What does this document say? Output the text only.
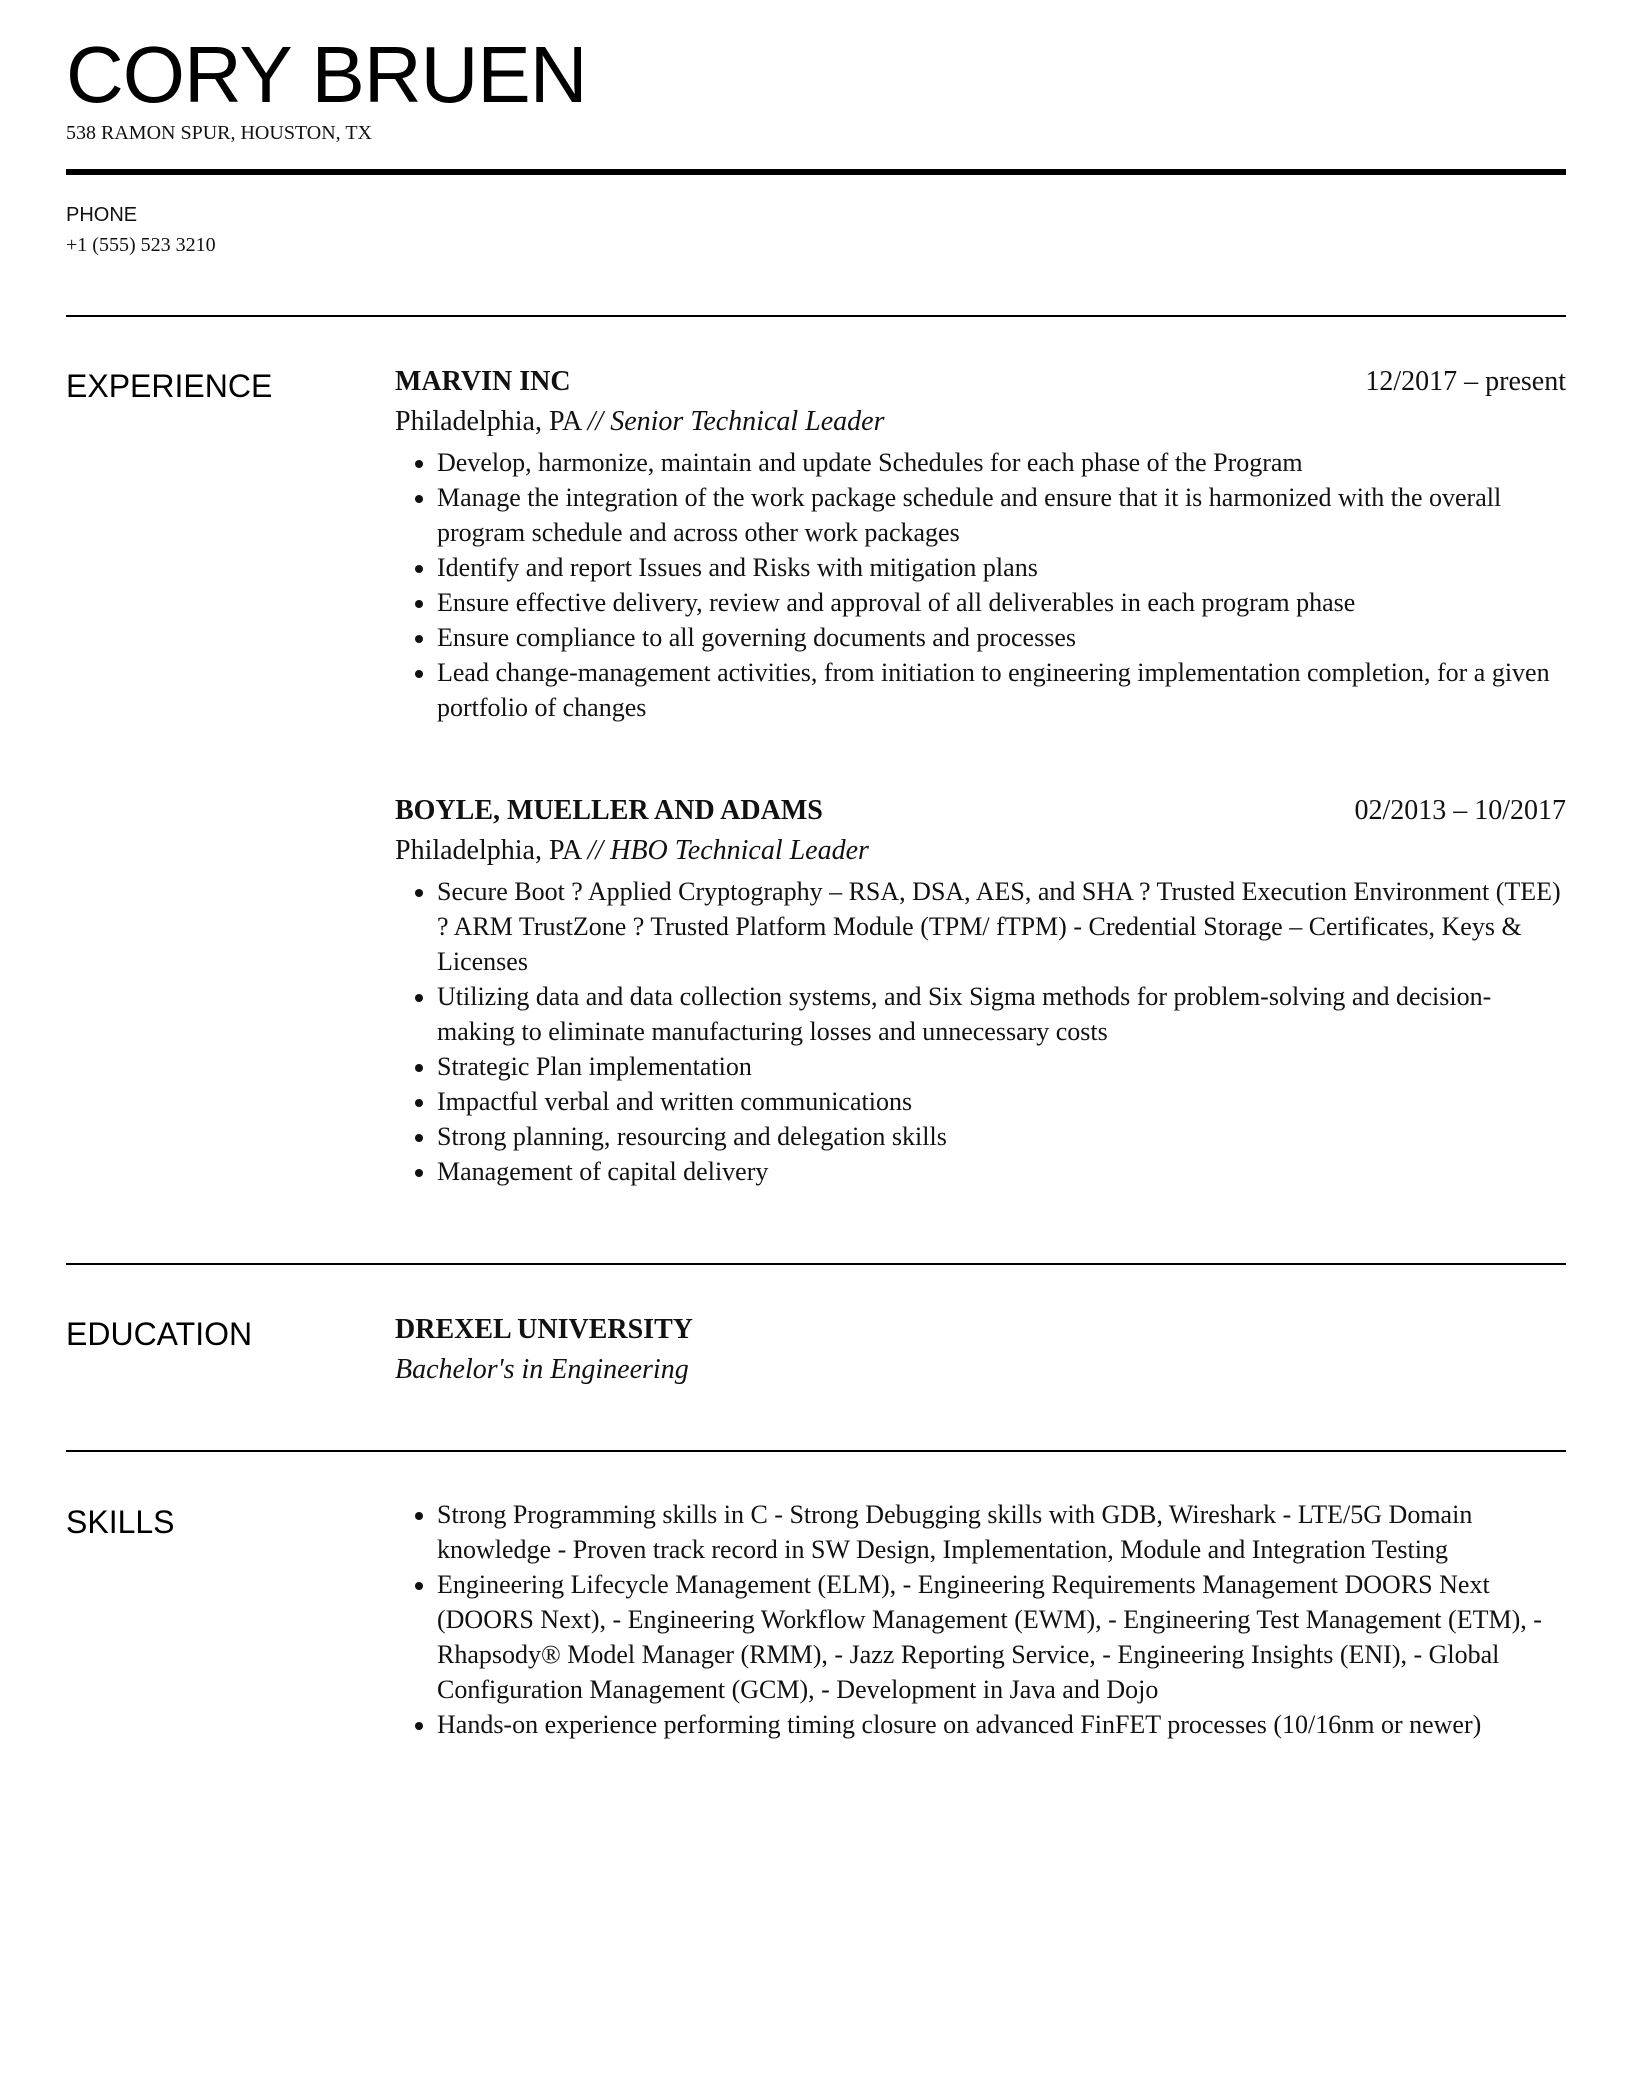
CORY BRUEN
538 RAMON SPUR, HOUSTON, TX
PHONE
+1 (555) 523 3210
EXPERIENCE	MARVIN INC	12/2017 – present
Philadelphia, PA // Senior Technical Leader
• Develop, harmonize, maintain and update Schedules for each phase of the Program
• Manage the integration of the work package schedule and ensure that it is harmonized with the overall program schedule and across other work packages
• Identify and report Issues and Risks with mitigation plans
• Ensure effective delivery, review and approval of all deliverables in each program phase
• Ensure compliance to all governing documents and processes
• Lead change-management activities, from initiation to engineering implementation completion, for a given portfolio of changes
BOYLE, MUELLER AND ADAMS	02/2013 – 10/2017
Philadelphia, PA // HBO Technical Leader
• Secure Boot ? Applied Cryptography – RSA, DSA, AES, and SHA ? Trusted Execution Environment (TEE) ? ARM TrustZone ? Trusted Platform Module (TPM/ fTPM) - Credential Storage – Certificates, Keys & Licenses
• Utilizing data and data collection systems, and Six Sigma methods for problem-solving and decision-making to eliminate manufacturing losses and unnecessary costs
• Strategic Plan implementation
• Impactful verbal and written communications
• Strong planning, resourcing and delegation skills
• Management of capital delivery
EDUCATION	DREXEL UNIVERSITY
Bachelor's in Engineering
SKILLS
•	Strong Programming skills in C - Strong Debugging skills with GDB, Wireshark - LTE/5G Domain knowledge - Proven track record in SW Design, Implementation, Module and Integration Testing
• Engineering Lifecycle Management (ELM), - Engineering Requirements Management DOORS Next (DOORS Next), - Engineering Workflow Management (EWM), - Engineering Test Management (ETM), - Rhapsody® Model Manager (RMM), - Jazz Reporting Service, - Engineering Insights (ENI), - Global Configuration Management (GCM), - Development in Java and Dojo
• Hands-on experience performing timing closure on advanced FinFET processes (10/16nm or newer)
